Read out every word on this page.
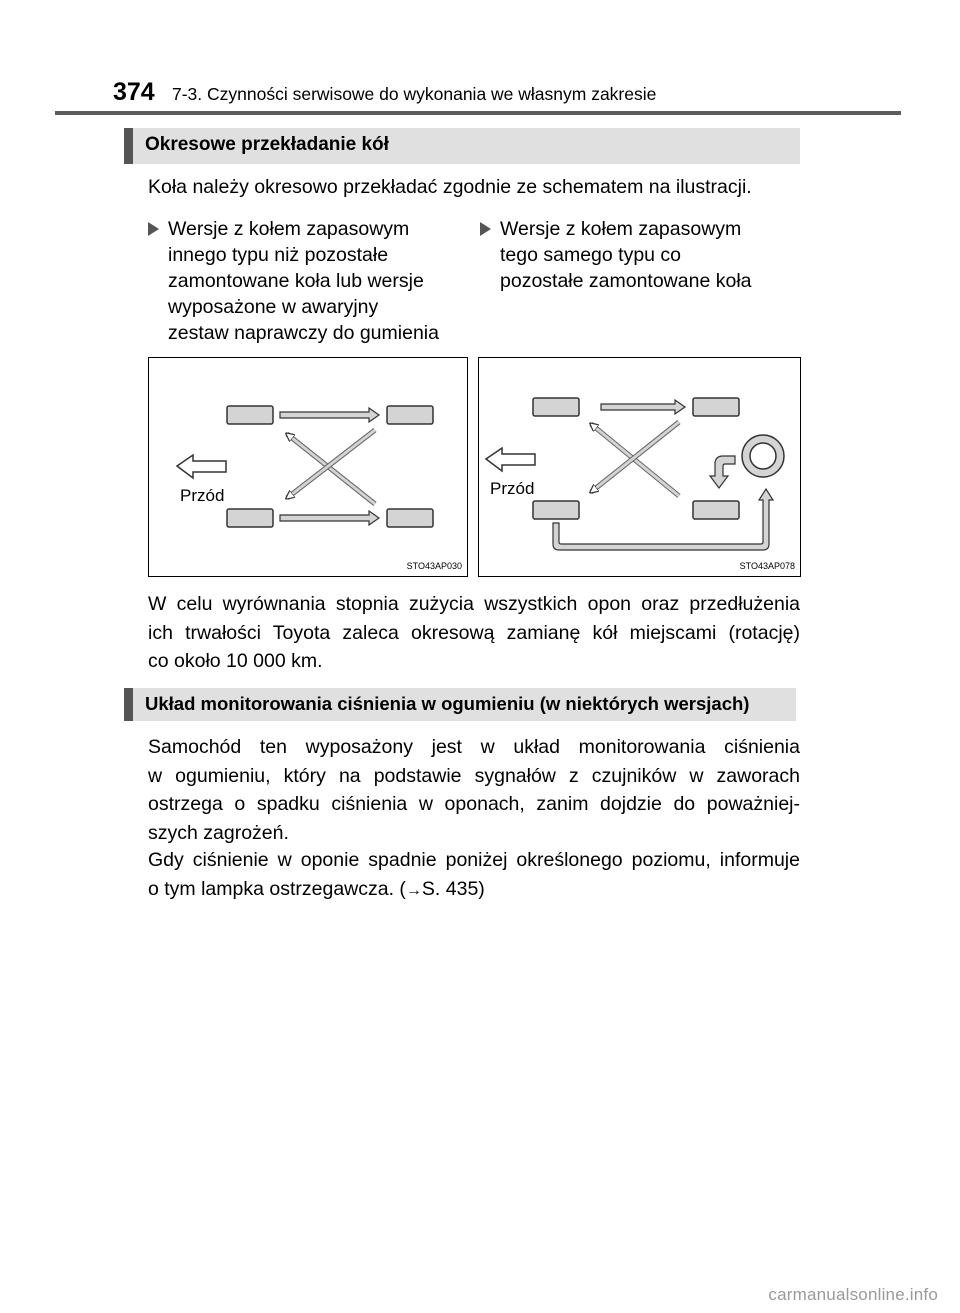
374 7-3. Czynności serwisowe do wykonania we własnym zakresie
Okresowe przekładanie kół
Koła należy okresowo przekładać zgodnie ze schematem na ilustracji.
Wersje z kołem zapasowym
innego typu niż pozostałe
zamontowane koła lub wersje
wyposażone w awaryjny
zestaw naprawczy do gumienia
Wersje z kołem zapasowym
tego samego typu co
pozostałe zamontowane koła
Przód
STO43AP030
Przód
STO43AP078
W celu wyrównania stopnia zużycia wszystkich opon oraz przedłużenia
ich trwałości Toyota zaleca okresową zamianę kół miejscami (rotację)
co około 10 000 km.
Układ monitorowania ciśnienia w ogumieniu (w niektórych wersjach)
Samochód ten wyposażony jest w układ monitorowania ciśnienia
w ogumieniu, który na podstawie sygnałów z czujników w zaworach
ostrzega o spadku ciśnienia w oponach, zanim dojdzie do poważniej-
szych zagrożeń.
Gdy ciśnienie w oponie spadnie poniżej określonego poziomu, informuje
o tym lampka ostrzegawcza. (→S. 435)
carmanualsonline.info
